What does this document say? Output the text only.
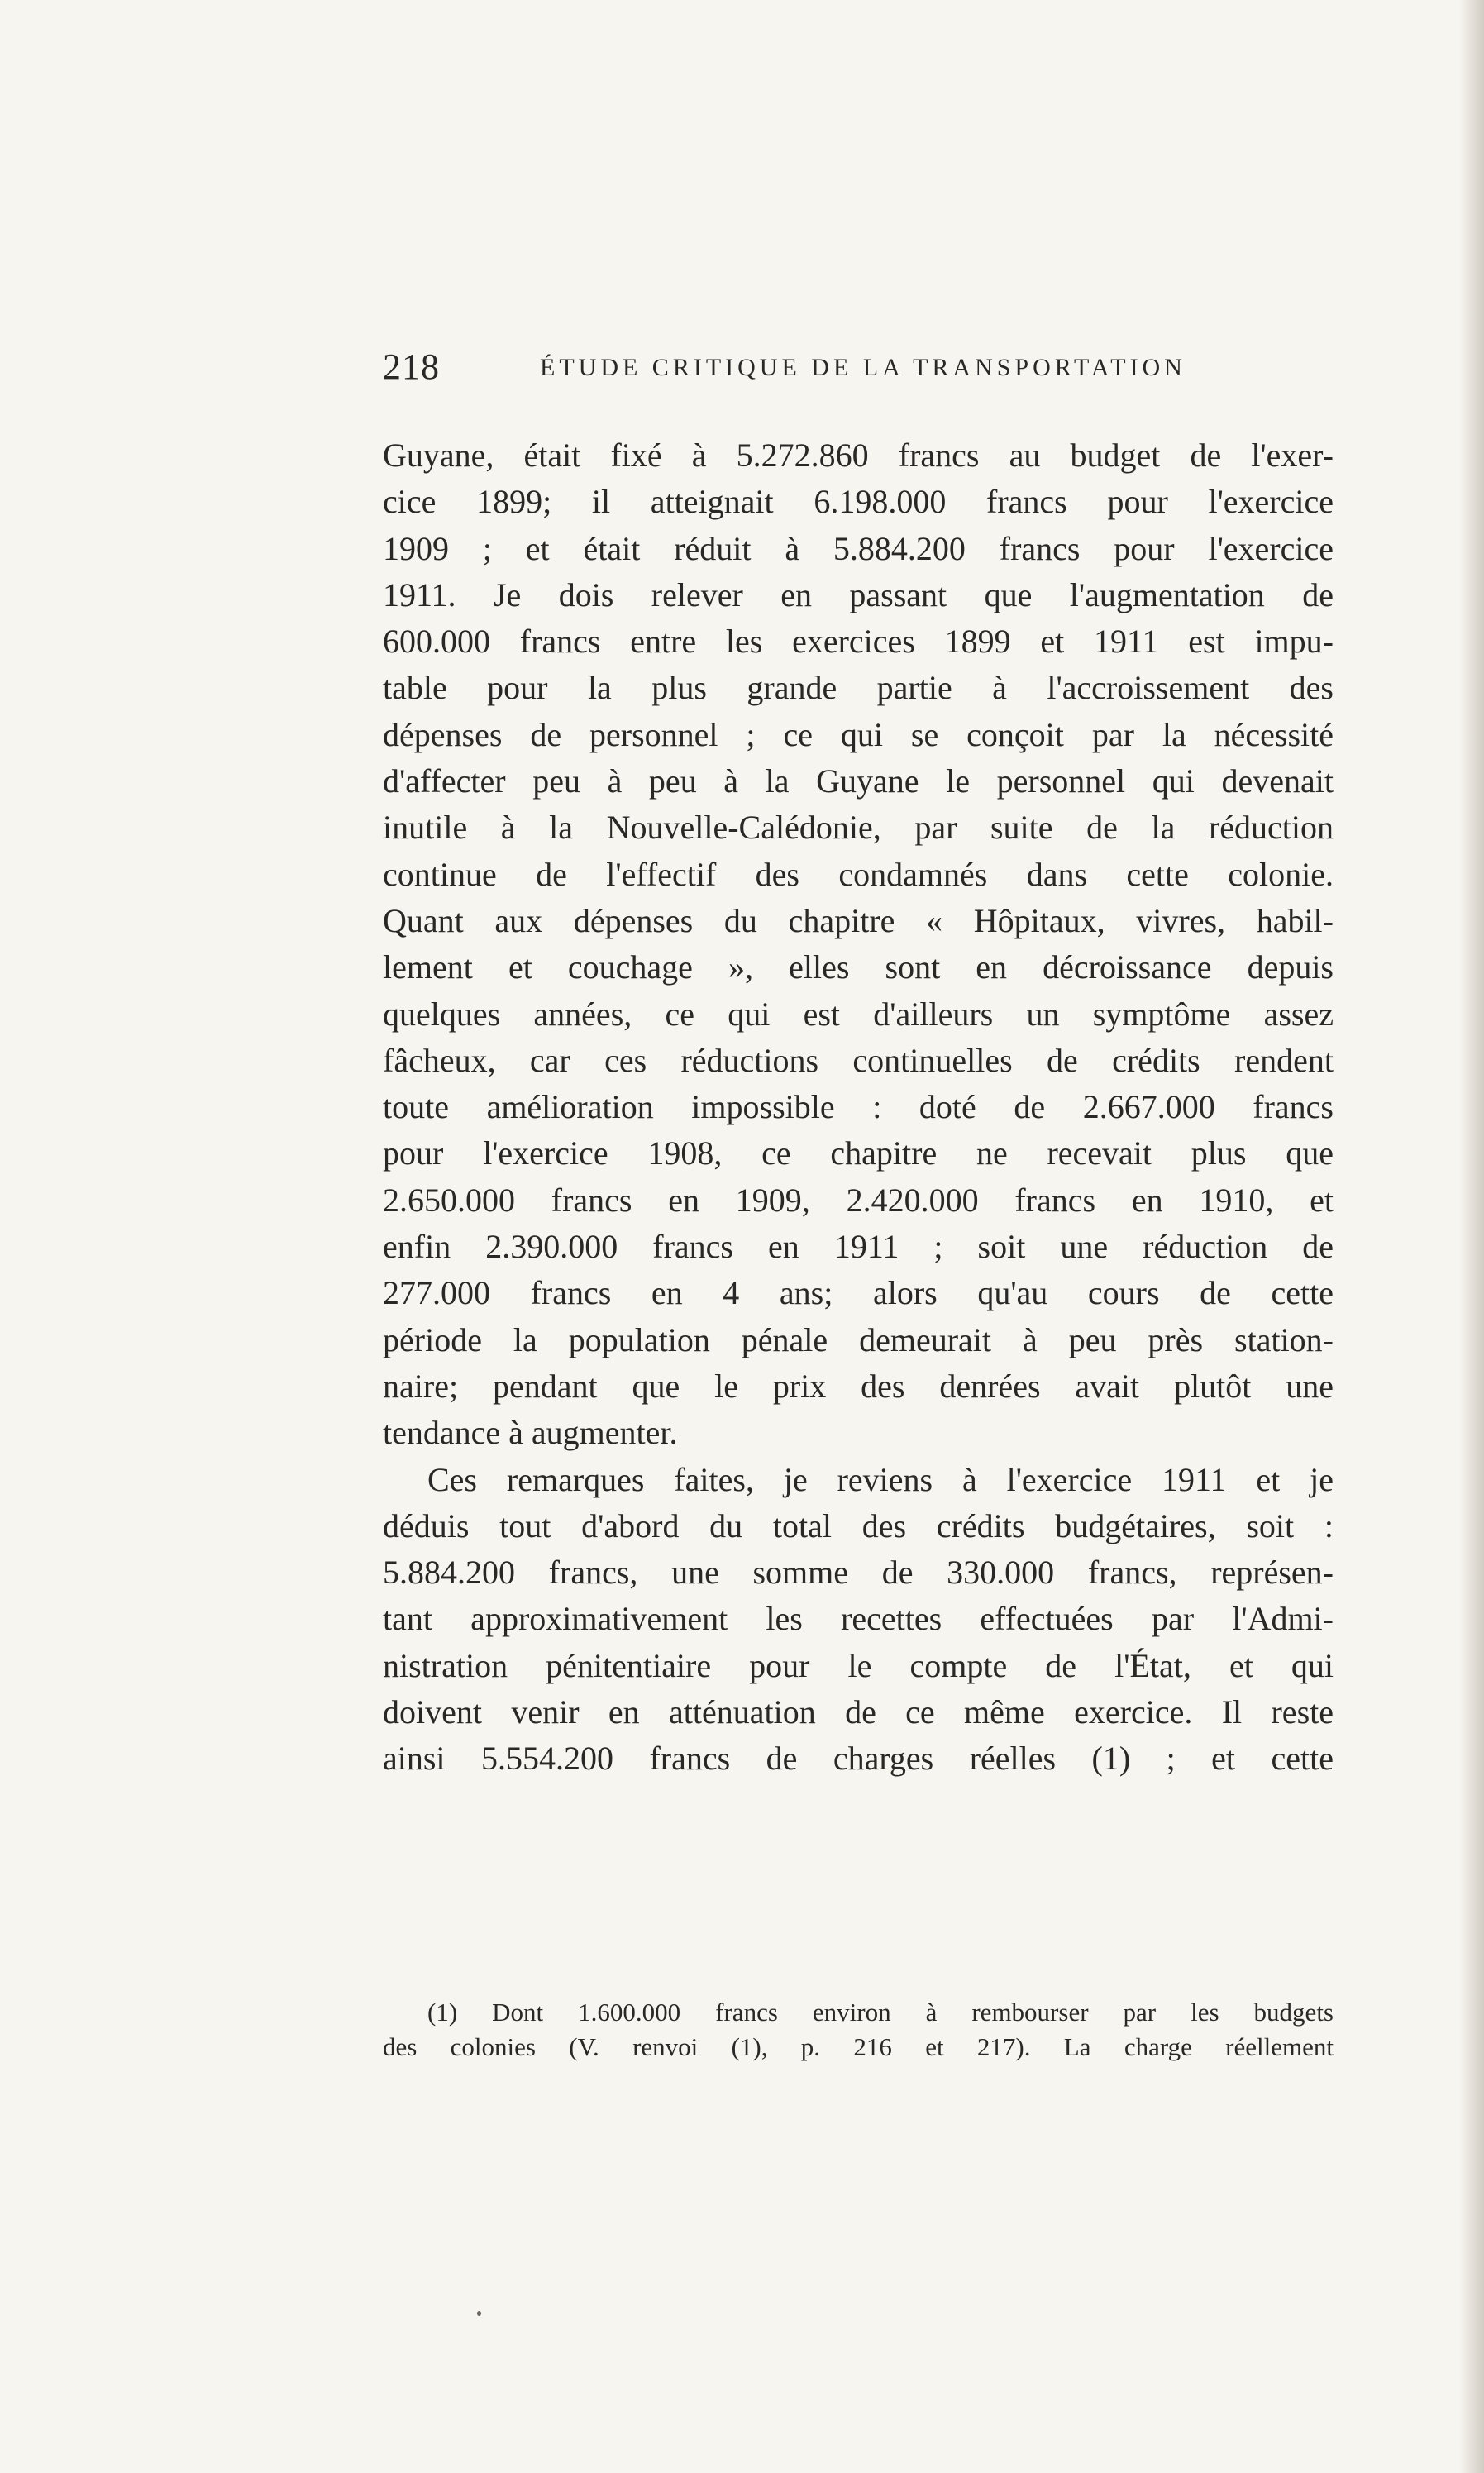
218	ÉTUDE CRITIQUE DE LA TRANSPORTATION
Guyane, était fixé à 5.272.860 francs au budget de l'exer-
cice 1899; il atteignait 6.198.000 francs pour l'exercice
1909 ; et était réduit à 5.884.200 francs pour l'exercice
1911. Je dois relever en passant que l'augmentation de
600.000 francs entre les exercices 1899 et 1911 est impu-
table pour la plus grande partie à l'accroissement des
dépenses de personnel ; ce qui se conçoit par la nécessité
d'affecter peu à peu à la Guyane le personnel qui devenait
inutile à la Nouvelle-Calédonie, par suite de la réduction
continue de l'effectif des condamnés dans cette colonie.
Quant aux dépenses du chapitre « Hôpitaux, vivres, habil-
lement et couchage », elles sont en décroissance depuis
quelques années, ce qui est d'ailleurs un symptôme assez
fâcheux, car ces réductions continuelles de crédits rendent
toute amélioration impossible : doté de 2.667.000 francs
pour l'exercice 1908, ce chapitre ne recevait plus que
2.650.000 francs en 1909, 2.420.000 francs en 1910, et
enfin 2.390.000 francs en 1911 ; soit une réduction de
277.000 francs en 4 ans; alors qu'au cours de cette
période la population pénale demeurait à peu près station-
naire; pendant que le prix des denrées avait plutôt une
tendance à augmenter.
Ces remarques faites, je reviens à l'exercice 1911 et je
déduis tout d'abord du total des crédits budgétaires, soit :
5.884.200 francs, une somme de 330.000 francs, représen-
tant approximativement les recettes effectuées par l'Admi-
nistration pénitentiaire pour le compte de l'État, et qui
doivent venir en atténuation de ce même exercice. Il reste
ainsi 5.554.200 francs de charges réelles (1) ; et cette
(1) Dont 1.600.000 francs environ à rembourser par les budgets
des colonies (V. renvoi (1), p. 216 et 217). La charge réellement
